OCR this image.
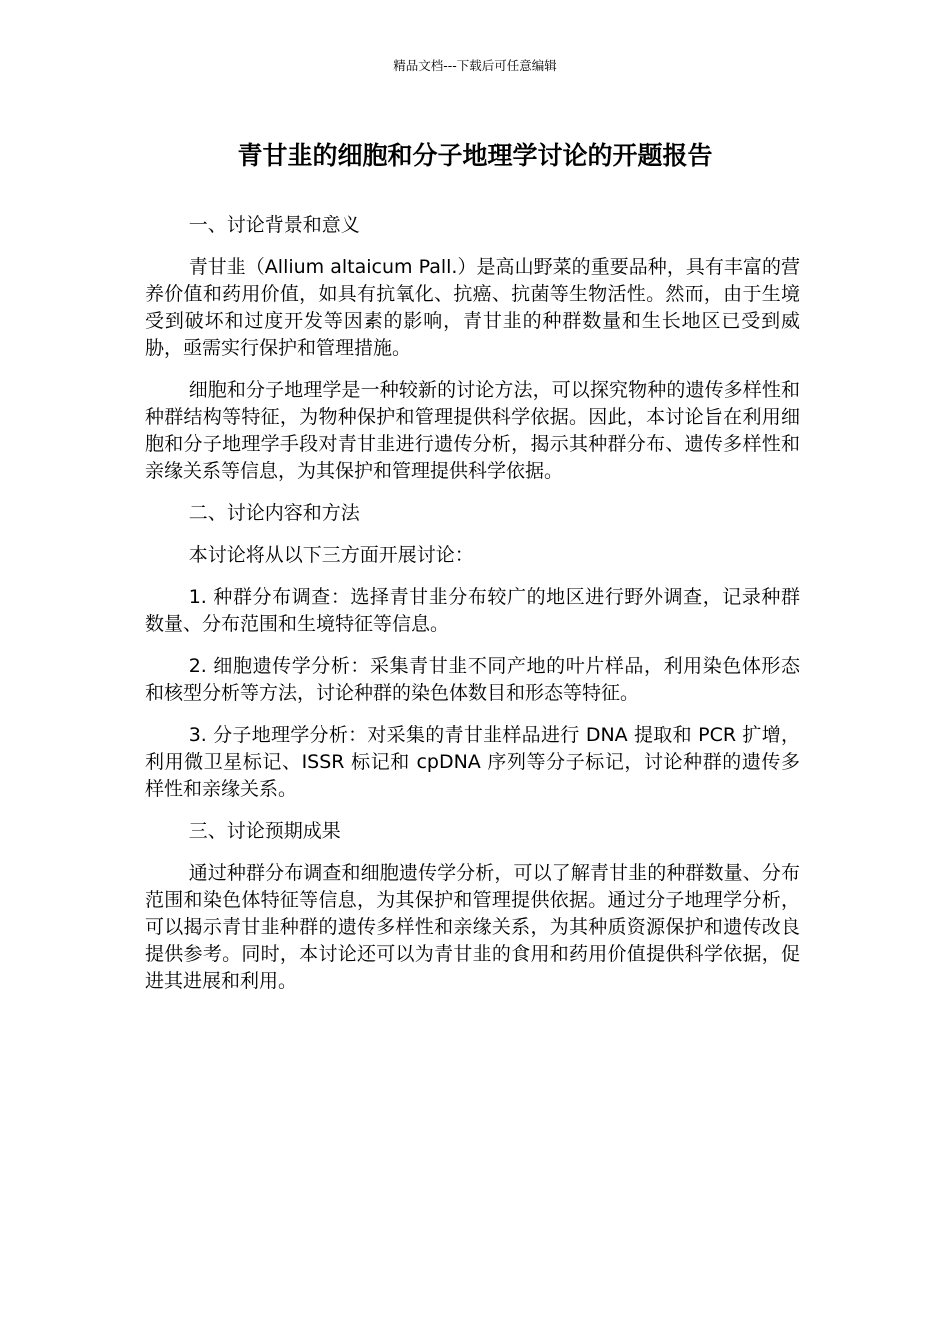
精品文档---下载后可任意编辑
青甘韭的细胞和分子地理学讨论的开题报告

一、讨论背景和意义

青甘韭（Allium altaicum Pall.）是高山野菜的重要品种，具有丰富的营养价值和药用价值，如具有抗氧化、抗癌、抗菌等生物活性。然而，由于生境受到破坏和过度开发等因素的影响，青甘韭的种群数量和生长地区已受到威胁，亟需实行保护和管理措施。

细胞和分子地理学是一种较新的讨论方法，可以探究物种的遗传多样性和种群结构等特征，为物种保护和管理提供科学依据。因此，本讨论旨在利用细胞和分子地理学手段对青甘韭进行遗传分析，揭示其种群分布、遗传多样性和亲缘关系等信息，为其保护和管理提供科学依据。

二、讨论内容和方法

本讨论将从以下三方面开展讨论：

1. 种群分布调查：选择青甘韭分布较广的地区进行野外调查，记录种群数量、分布范围和生境特征等信息。

2. 细胞遗传学分析：采集青甘韭不同产地的叶片样品，利用染色体形态和核型分析等方法，讨论种群的染色体数目和形态等特征。

3. 分子地理学分析：对采集的青甘韭样品进行 DNA 提取和 PCR 扩增，利用微卫星标记、ISSR 标记和 cpDNA 序列等分子标记，讨论种群的遗传多样性和亲缘关系。

三、讨论预期成果

通过种群分布调查和细胞遗传学分析，可以了解青甘韭的种群数量、分布范围和染色体特征等信息，为其保护和管理提供依据。通过分子地理学分析，可以揭示青甘韭种群的遗传多样性和亲缘关系，为其种质资源保护和遗传改良提供参考。同时，本讨论还可以为青甘韭的食用和药用价值提供科学依据，促进其进展和利用。
